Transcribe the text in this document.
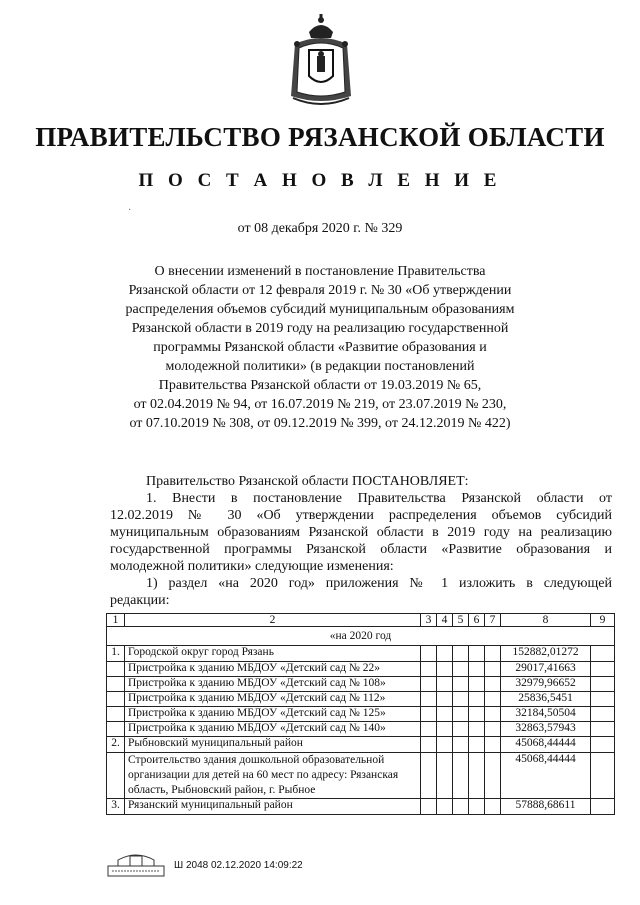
ПРАВИТЕЛЬСТВО РЯЗАНСКОЙ ОБЛАСТИ
П О С Т А Н О В Л Е Н И Е
·
от 08 декабря 2020 г. № 329
О внесении изменений в постановление Правительства
Рязанской области от 12 февраля 2019 г. № 30 «Об утверждении
распределения объемов субсидий муниципальным образованиям
Рязанской области в 2019 году на реализацию государственной
программы Рязанской области «Развитие образования и
молодежной политики» (в редакции постановлений
Правительства Рязанской области от 19.03.2019 № 65,
от 02.04.2019 № 94, от 16.07.2019 № 219, от 23.07.2019 № 230,
от 07.10.2019 № 308, от 09.12.2019 № 399, от 24.12.2019 № 422)
Правительство Рязанской области ПОСТАНОВЛЯЕТ:
1. Внести в постановление Правительства Рязанской области от
12.02.2019 № 30 «Об утверждении распределения объемов субсидий
муниципальным образованиям Рязанской области в 2019 году на реализацию
государственной программы Рязанской области «Развитие образования и
молодежной политики» следующие изменения:
1) раздел «на 2020 год» приложения № 1 изложить в следующей
редакции:
1	2	3	4	5	6	7	8	9
«на 2020 год								
1.	Городской округ город Рязань						152882,01272	
	Пристройка к зданию МБДОУ «Детский сад № 22»						29017,41663	
	Пристройка к зданию МБДОУ «Детский сад № 108»						32979,96652	
	Пристройка к зданию МБДОУ «Детский сад № 112»						25836,5451	
	Пристройка к зданию МБДОУ «Детский сад № 125»						32184,50504	
	Пристройка к зданию МБДОУ «Детский сад № 140»						32863,57943	
2.	Рыбновский муниципальный район						45068,44444	
	Строительство здания дошкольной образовательной организации для детей на 60 мест по адресу: Рязанская область, Рыбновский район, г. Рыбное						45068,44444	
3.	Рязанский муниципальный район						57888,68611	
Ш 2048 02.12.2020 14:09:22
